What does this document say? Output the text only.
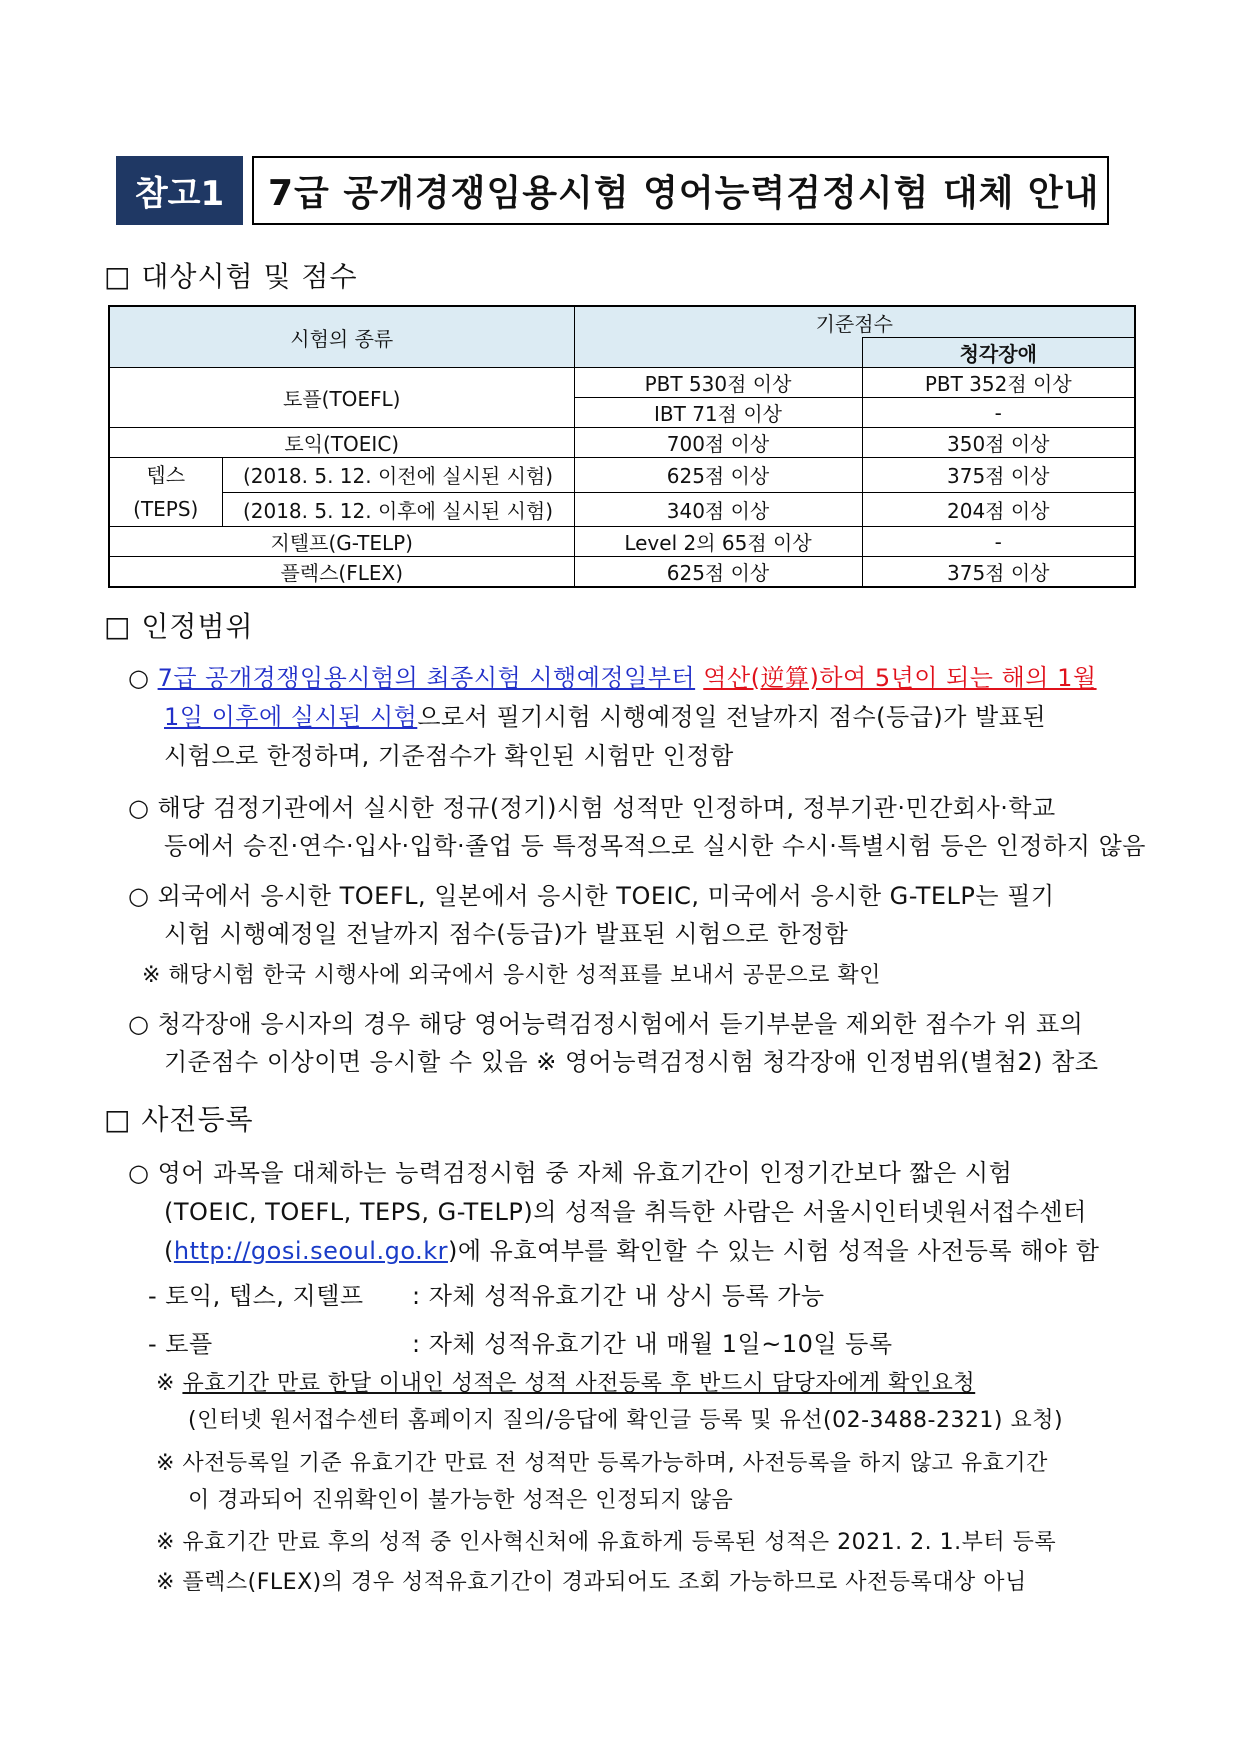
참고1	7급 공개경쟁임용시험 영어능력검정시험 대체 안내
□ 대상시험 및 점수
시험의 종류		기준점수	
			청각장애
토플(TOEFL)		PBT 530점 이상	PBT 352점 이상
		IBT 71점 이상	-
토익(TOEIC)		700점 이상	350점 이상

텝스
(TEPS)	(2018. 5. 12. 이전에 실시된 시험)	625점 이상	375점 이상
	(2018. 5. 12. 이후에 실시된 시험)	340점 이상	204점 이상
지텔프(G-TELP)		Level 2의 65점 이상	-
플렉스(FLEX)		625점 이상	375점 이상
□ 인정범위
○ 7급 공개경쟁임용시험의 최종시험 시행예정일부터 역산(逆算)하여 5년이 되는 해의 1월
1일 이후에 실시된 시험으로서 필기시험 시행예정일 전날까지 점수(등급)가 발표된
시험으로 한정하며, 기준점수가 확인된 시험만 인정함
○ 해당 검정기관에서 실시한 정규(정기)시험 성적만 인정하며, 정부기관·민간회사·학교
등에서 승진·연수·입사·입학·졸업 등 특정목적으로 실시한 수시·특별시험 등은 인정하지 않음
○ 외국에서 응시한 TOEFL, 일본에서 응시한 TOEIC, 미국에서 응시한 G-TELP는 필기
시험 시행예정일 전날까지 점수(등급)가 발표된 시험으로 한정함
※ 해당시험 한국 시행사에 외국에서 응시한 성적표를 보내서 공문으로 확인
○ 청각장애 응시자의 경우 해당 영어능력검정시험에서 듣기부분을 제외한 점수가 위 표의
기준점수 이상이면 응시할 수 있음 ※ 영어능력검정시험 청각장애 인정범위(별첨2) 참조
□ 사전등록
○ 영어 과목을 대체하는 능력검정시험 중 자체 유효기간이 인정기간보다 짧은 시험
(TOEIC, TOEFL, TEPS, G-TELP)의 성적을 취득한 사람은 서울시인터넷원서접수센터
(http://gosi.seoul.go.kr)에 유효여부를 확인할 수 있는 시험 성적을 사전등록 해야 함
- 토익, 텝스, 지텔프 : 자체 성적유효기간 내 상시 등록 가능
- 토플	: 자체 성적유효기간 내 매월 1일~10일 등록
※ 유효기간 만료 한달 이내인 성적은 성적 사전등록 후 반드시 담당자에게 확인요청
(인터넷 원서접수센터 홈페이지 질의/응답에 확인글 등록 및 유선(02-3488-2321) 요청)
※ 사전등록일 기준 유효기간 만료 전 성적만 등록가능하며, 사전등록을 하지 않고 유효기간
이 경과되어 진위확인이 불가능한 성적은 인정되지 않음
※ 유효기간 만료 후의 성적 중 인사혁신처에 유효하게 등록된 성적은 2021. 2. 1.부터 등록
※ 플렉스(FLEX)의 경우 성적유효기간이 경과되어도 조회 가능하므로 사전등록대상 아님
